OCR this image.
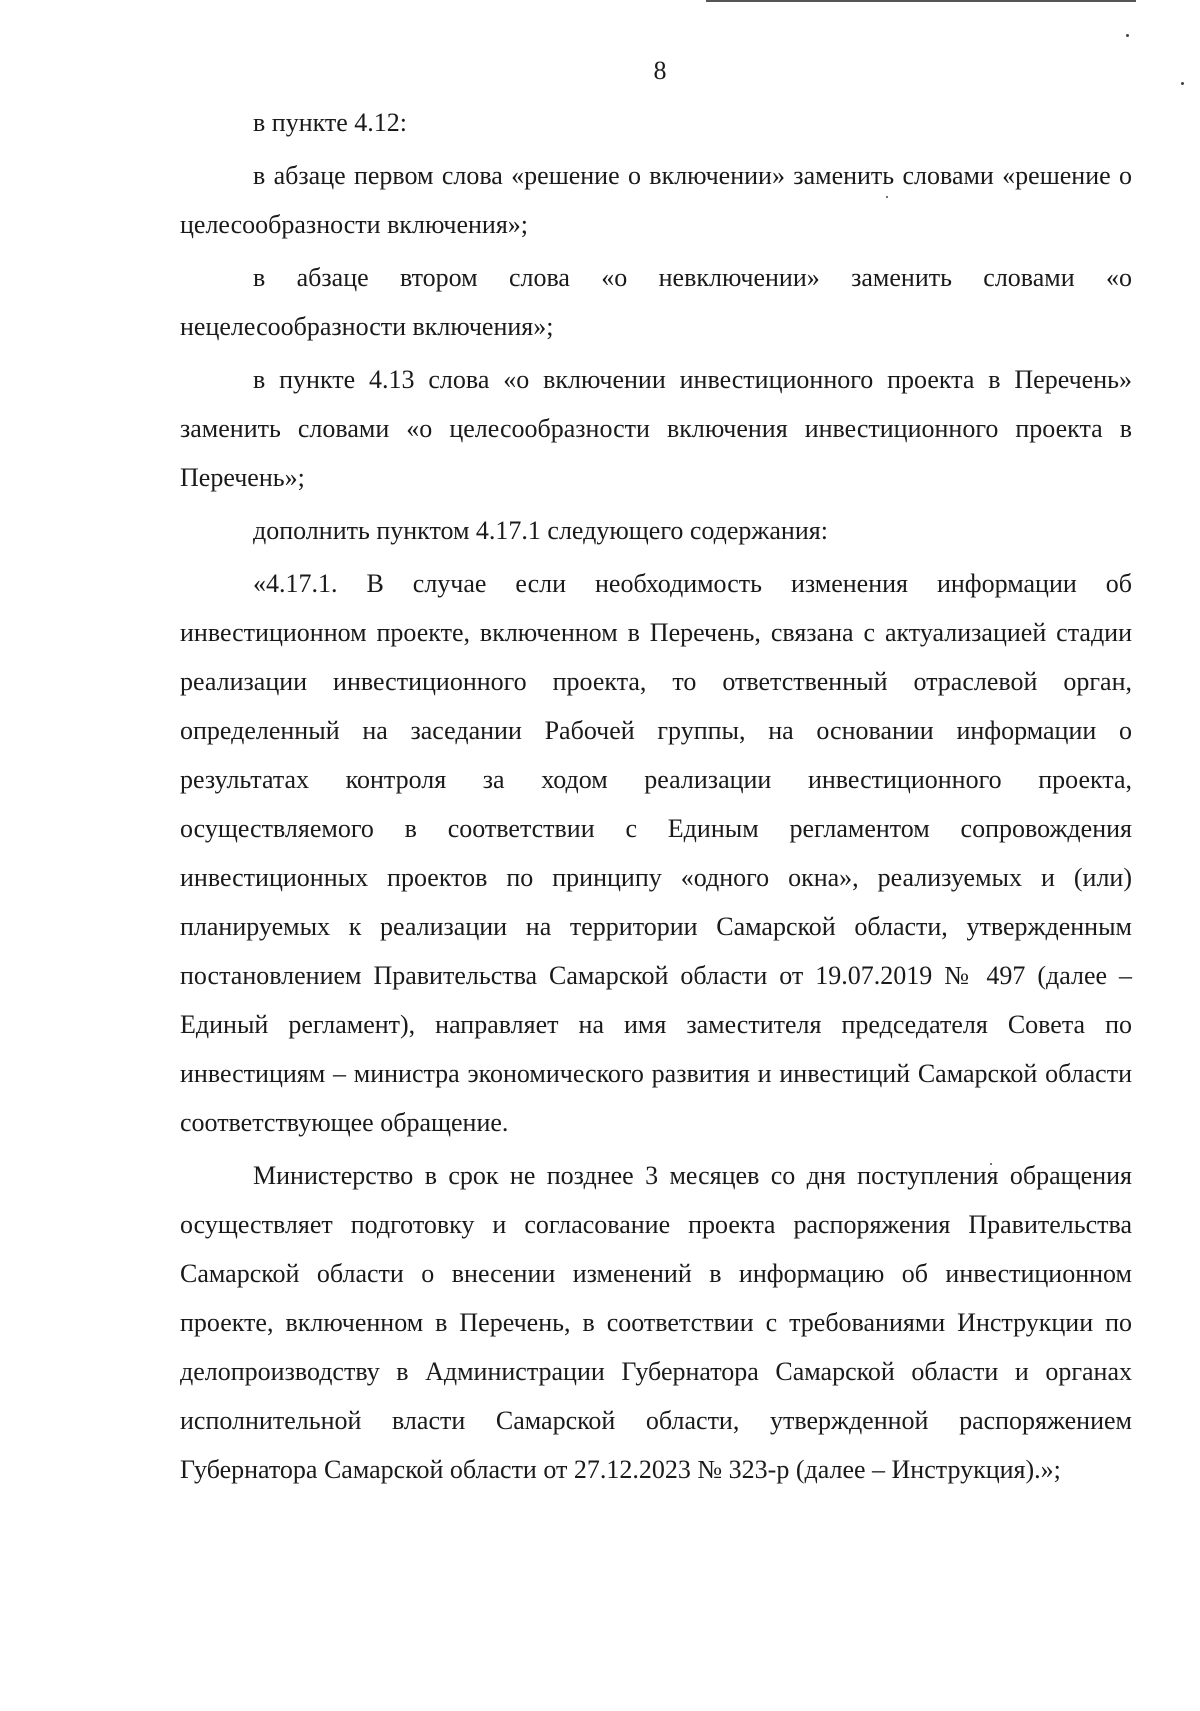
8

в пункте 4.12:

в абзаце первом слова «решение о включении» заменить словами «решение о целесообразности включения»;

в абзаце втором слова «о невключении» заменить словами «о нецелесообразности включения»;

в пункте 4.13 слова «о включении инвестиционного проекта в Перечень» заменить словами «о целесообразности включения инвестиционного проекта в Перечень»;

дополнить пунктом 4.17.1 следующего содержания:

«4.17.1. В случае если необходимость изменения информации об инвестиционном проекте, включенном в Перечень, связана с актуализацией стадии реализации инвестиционного проекта, то ответственный отраслевой орган, определенный на заседании Рабочей группы, на основании информации о результатах контроля за ходом реализации инвестиционного проекта, осуществляемого в соответствии с Единым регламентом сопровождения инвестиционных проектов по принципу «одного окна», реализуемых и (или) планируемых к реализации на территории Самарской области, утвержденным постановлением Правительства Самарской области от 19.07.2019 № 497 (далее – Единый регламент), направляет на имя заместителя председателя Совета по инвестициям – министра экономического развития и инвестиций Самарской области соответствующее обращение.

Министерство в срок не позднее 3 месяцев со дня поступления обращения осуществляет подготовку и согласование проекта распоряжения Правительства Самарской области о внесении изменений в информацию об инвестиционном проекте, включенном в Перечень, в соответствии с требованиями Инструкции по делопроизводству в Администрации Губернатора Самарской области и органах исполнительной власти Самарской области, утвержденной распоряжением Губернатора Самарской области от 27.12.2023 № 323-р (далее – Инструкция).»;
